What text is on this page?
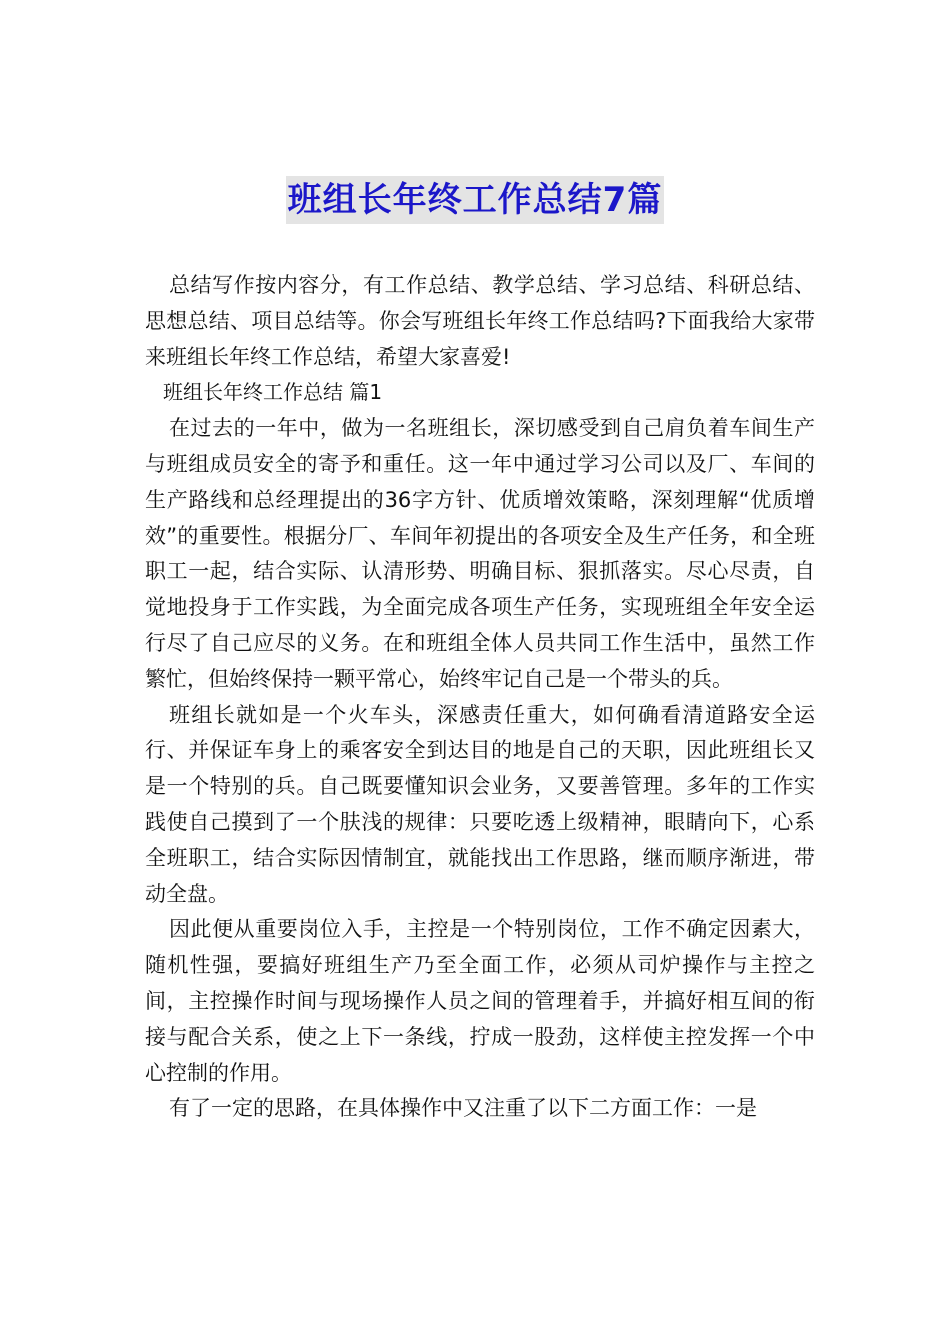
班组长年终工作总结7篇

总结写作按内容分，有工作总结、教学总结、学习总结、科研总结、思想总结、项目总结等。你会写班组长年终工作总结吗?下面我给大家带来班组长年终工作总结，希望大家喜爱!

班组长年终工作总结 篇1

在过去的一年中，做为一名班组长，深切感受到自己肩负着车间生产与班组成员安全的寄予和重任。这一年中通过学习公司以及厂、车间的生产路线和总经理提出的36字方针、优质增效策略，深刻理解“优质增效”的重要性。根据分厂、车间年初提出的各项安全及生产任务，和全班职工一起，结合实际、认清形势、明确目标、狠抓落实。尽心尽责，自觉地投身于工作实践，为全面完成各项生产任务，实现班组全年安全运行尽了自己应尽的义务。在和班组全体人员共同工作生活中，虽然工作繁忙，但始终保持一颗平常心，始终牢记自己是一个带头的兵。

班组长就如是一个火车头，深感责任重大，如何确看清道路安全运行、并保证车身上的乘客安全到达目的地是自己的天职，因此班组长又是一个特别的兵。自己既要懂知识会业务，又要善管理。多年的工作实践使自己摸到了一个肤浅的规律：只要吃透上级精神，眼睛向下，心系全班职工，结合实际因情制宜，就能找出工作思路，继而顺序渐进，带动全盘。

因此便从重要岗位入手，主控是一个特别岗位，工作不确定因素大，随机性强，要搞好班组生产乃至全面工作，必须从司炉操作与主控之间，主控操作时间与现场操作人员之间的管理着手，并搞好相互间的衔接与配合关系，使之上下一条线，拧成一股劲，这样使主控发挥一个中心控制的作用。

有了一定的思路，在具体操作中又注重了以下二方面工作：一是
